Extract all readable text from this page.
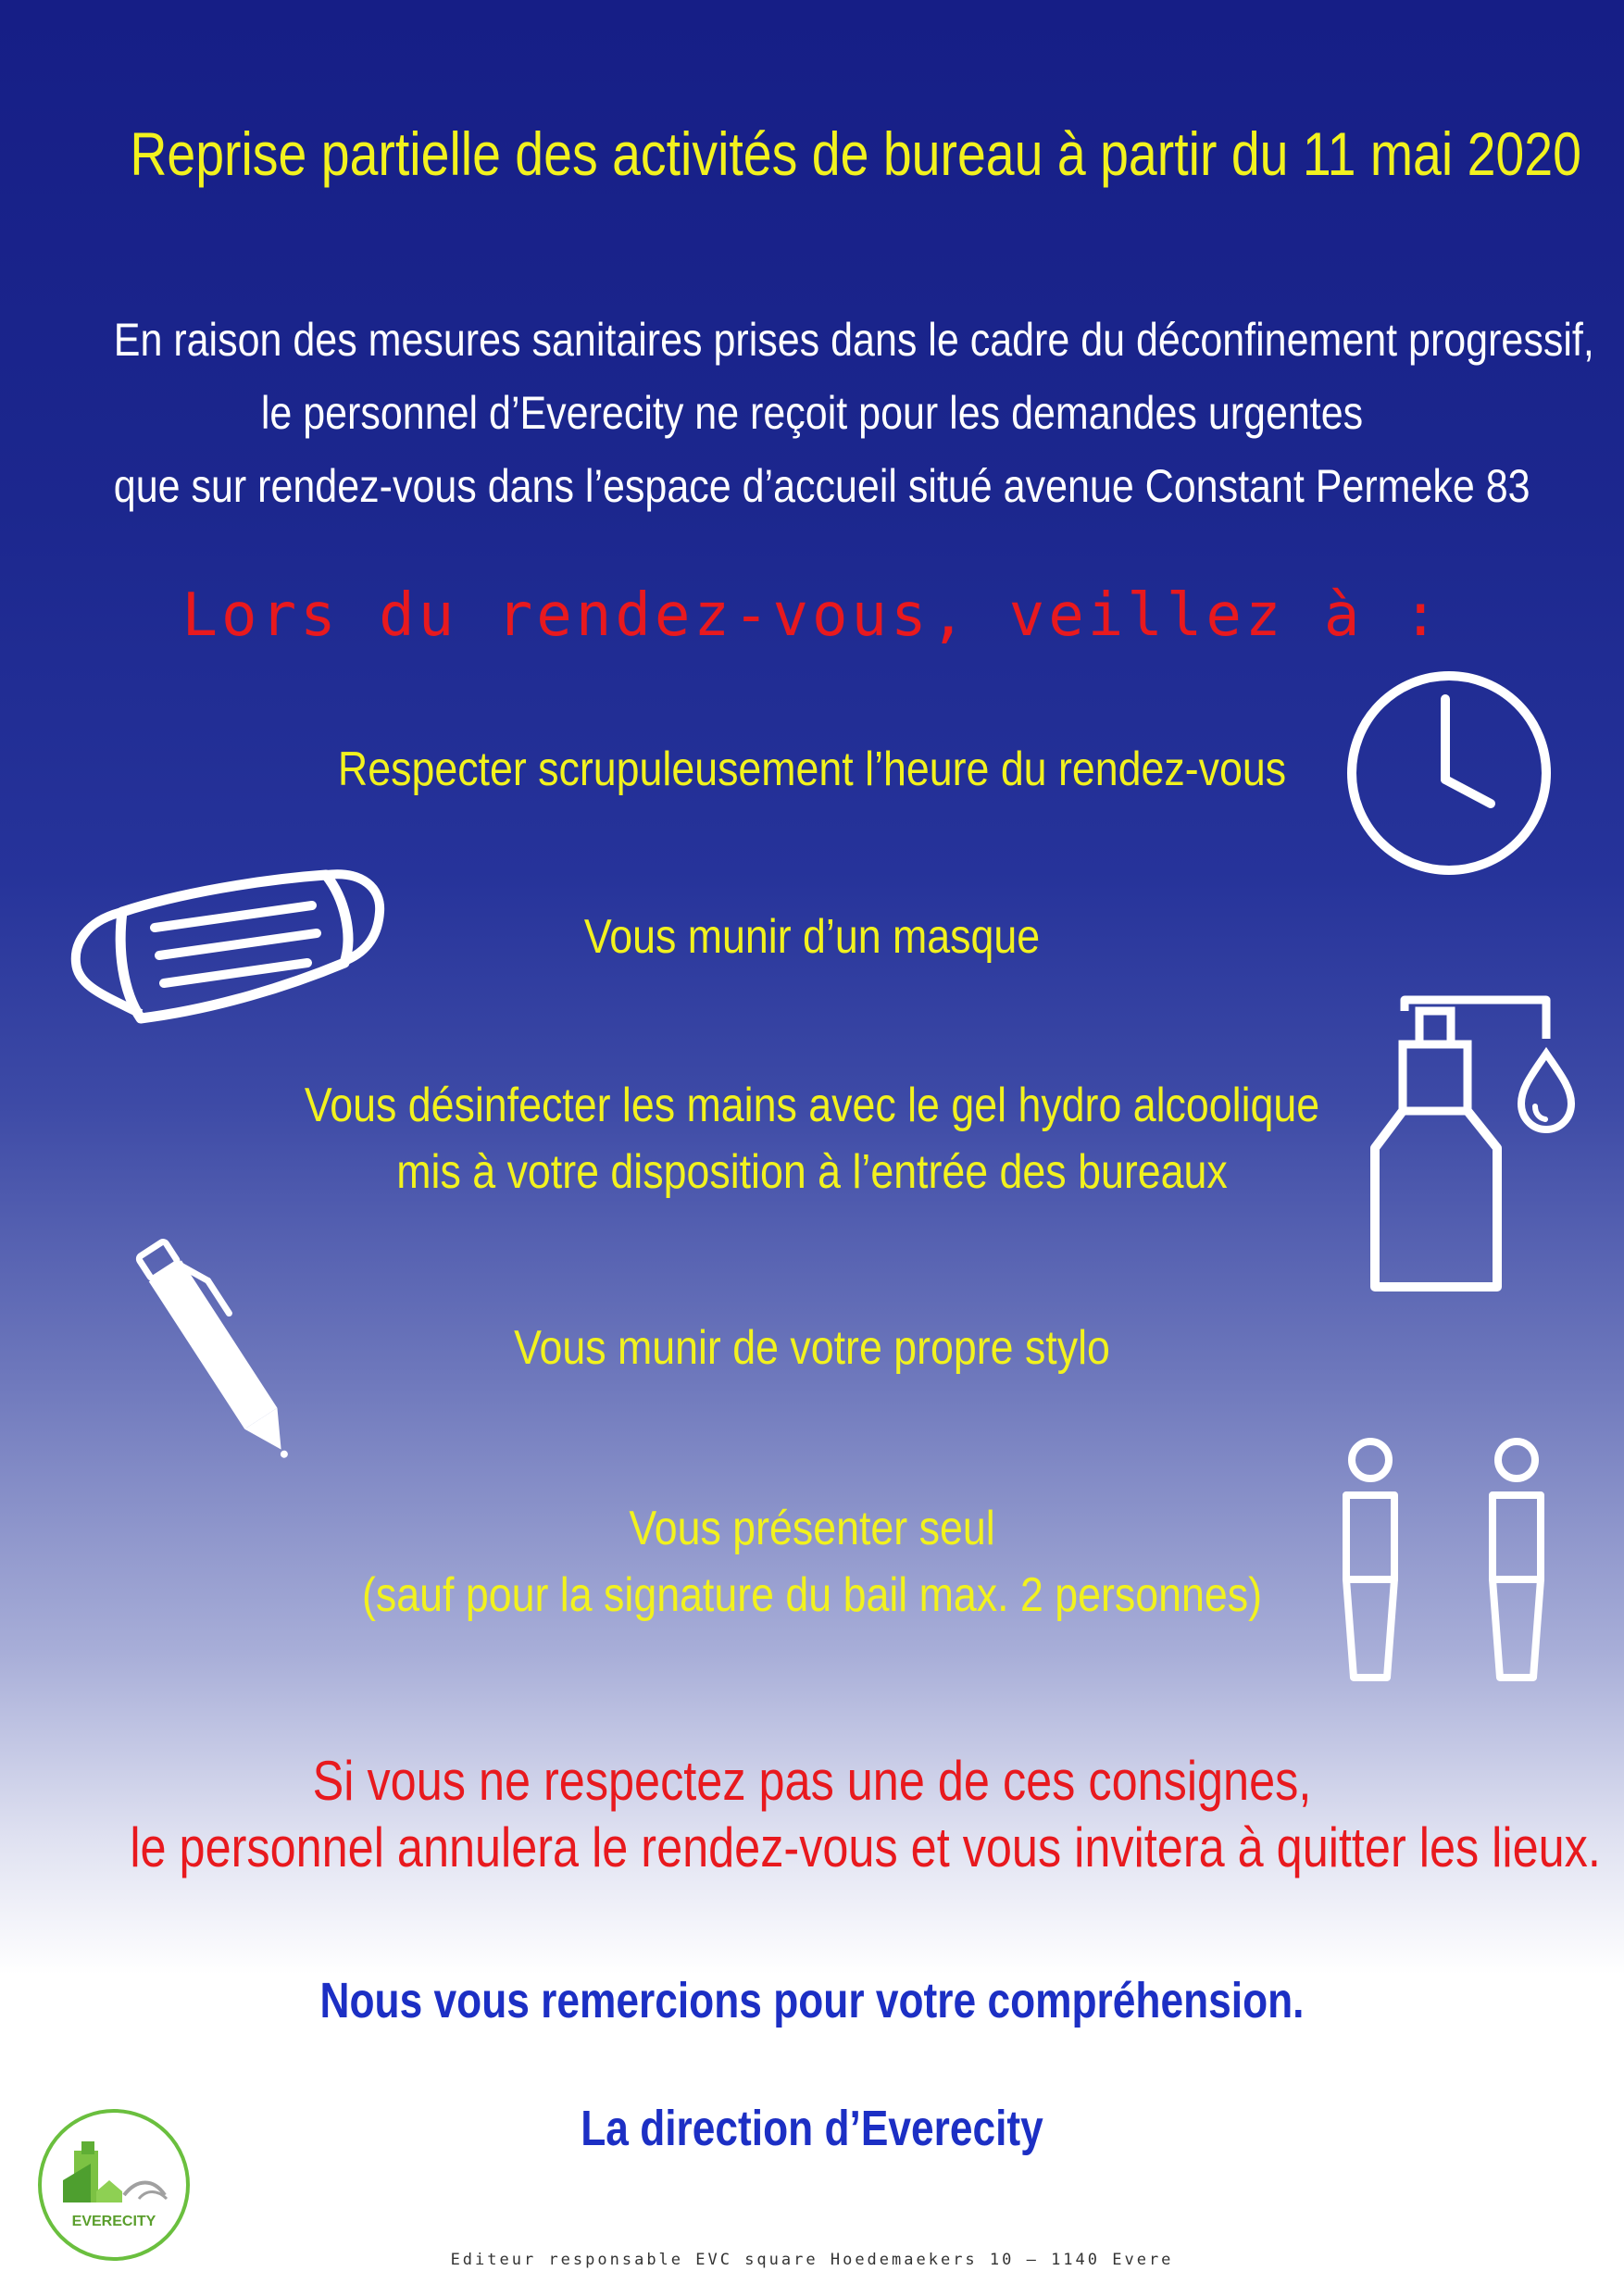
Reprise partielle des activités de bureau à partir du 11 mai 2020
En raison des mesures sanitaires prises dans le cadre du déconfinement progressif,
le personnel d’Everecity ne reçoit pour les demandes urgentes
que sur rendez-vous dans l’espace d’accueil situé avenue Constant Permeke 83
Lors du rendez-vous, veillez à :
Respecter scrupuleusement l’heure du rendez-vous
Vous munir d’un masque
Vous désinfecter les mains avec le gel hydro alcoolique
mis à votre disposition à l’entrée des bureaux
Vous munir de votre propre stylo
Vous présenter seul
(sauf pour la signature du bail max. 2 personnes)
Si vous ne respectez pas une de ces consignes,
le personnel annulera le rendez-vous et vous invitera à quitter les lieux.
Nous vous remercions pour votre compréhension.
La direction d’Everecity
EVERECITY
Editeur responsable EVC square Hoedemaekers 10 – 1140 Evere
